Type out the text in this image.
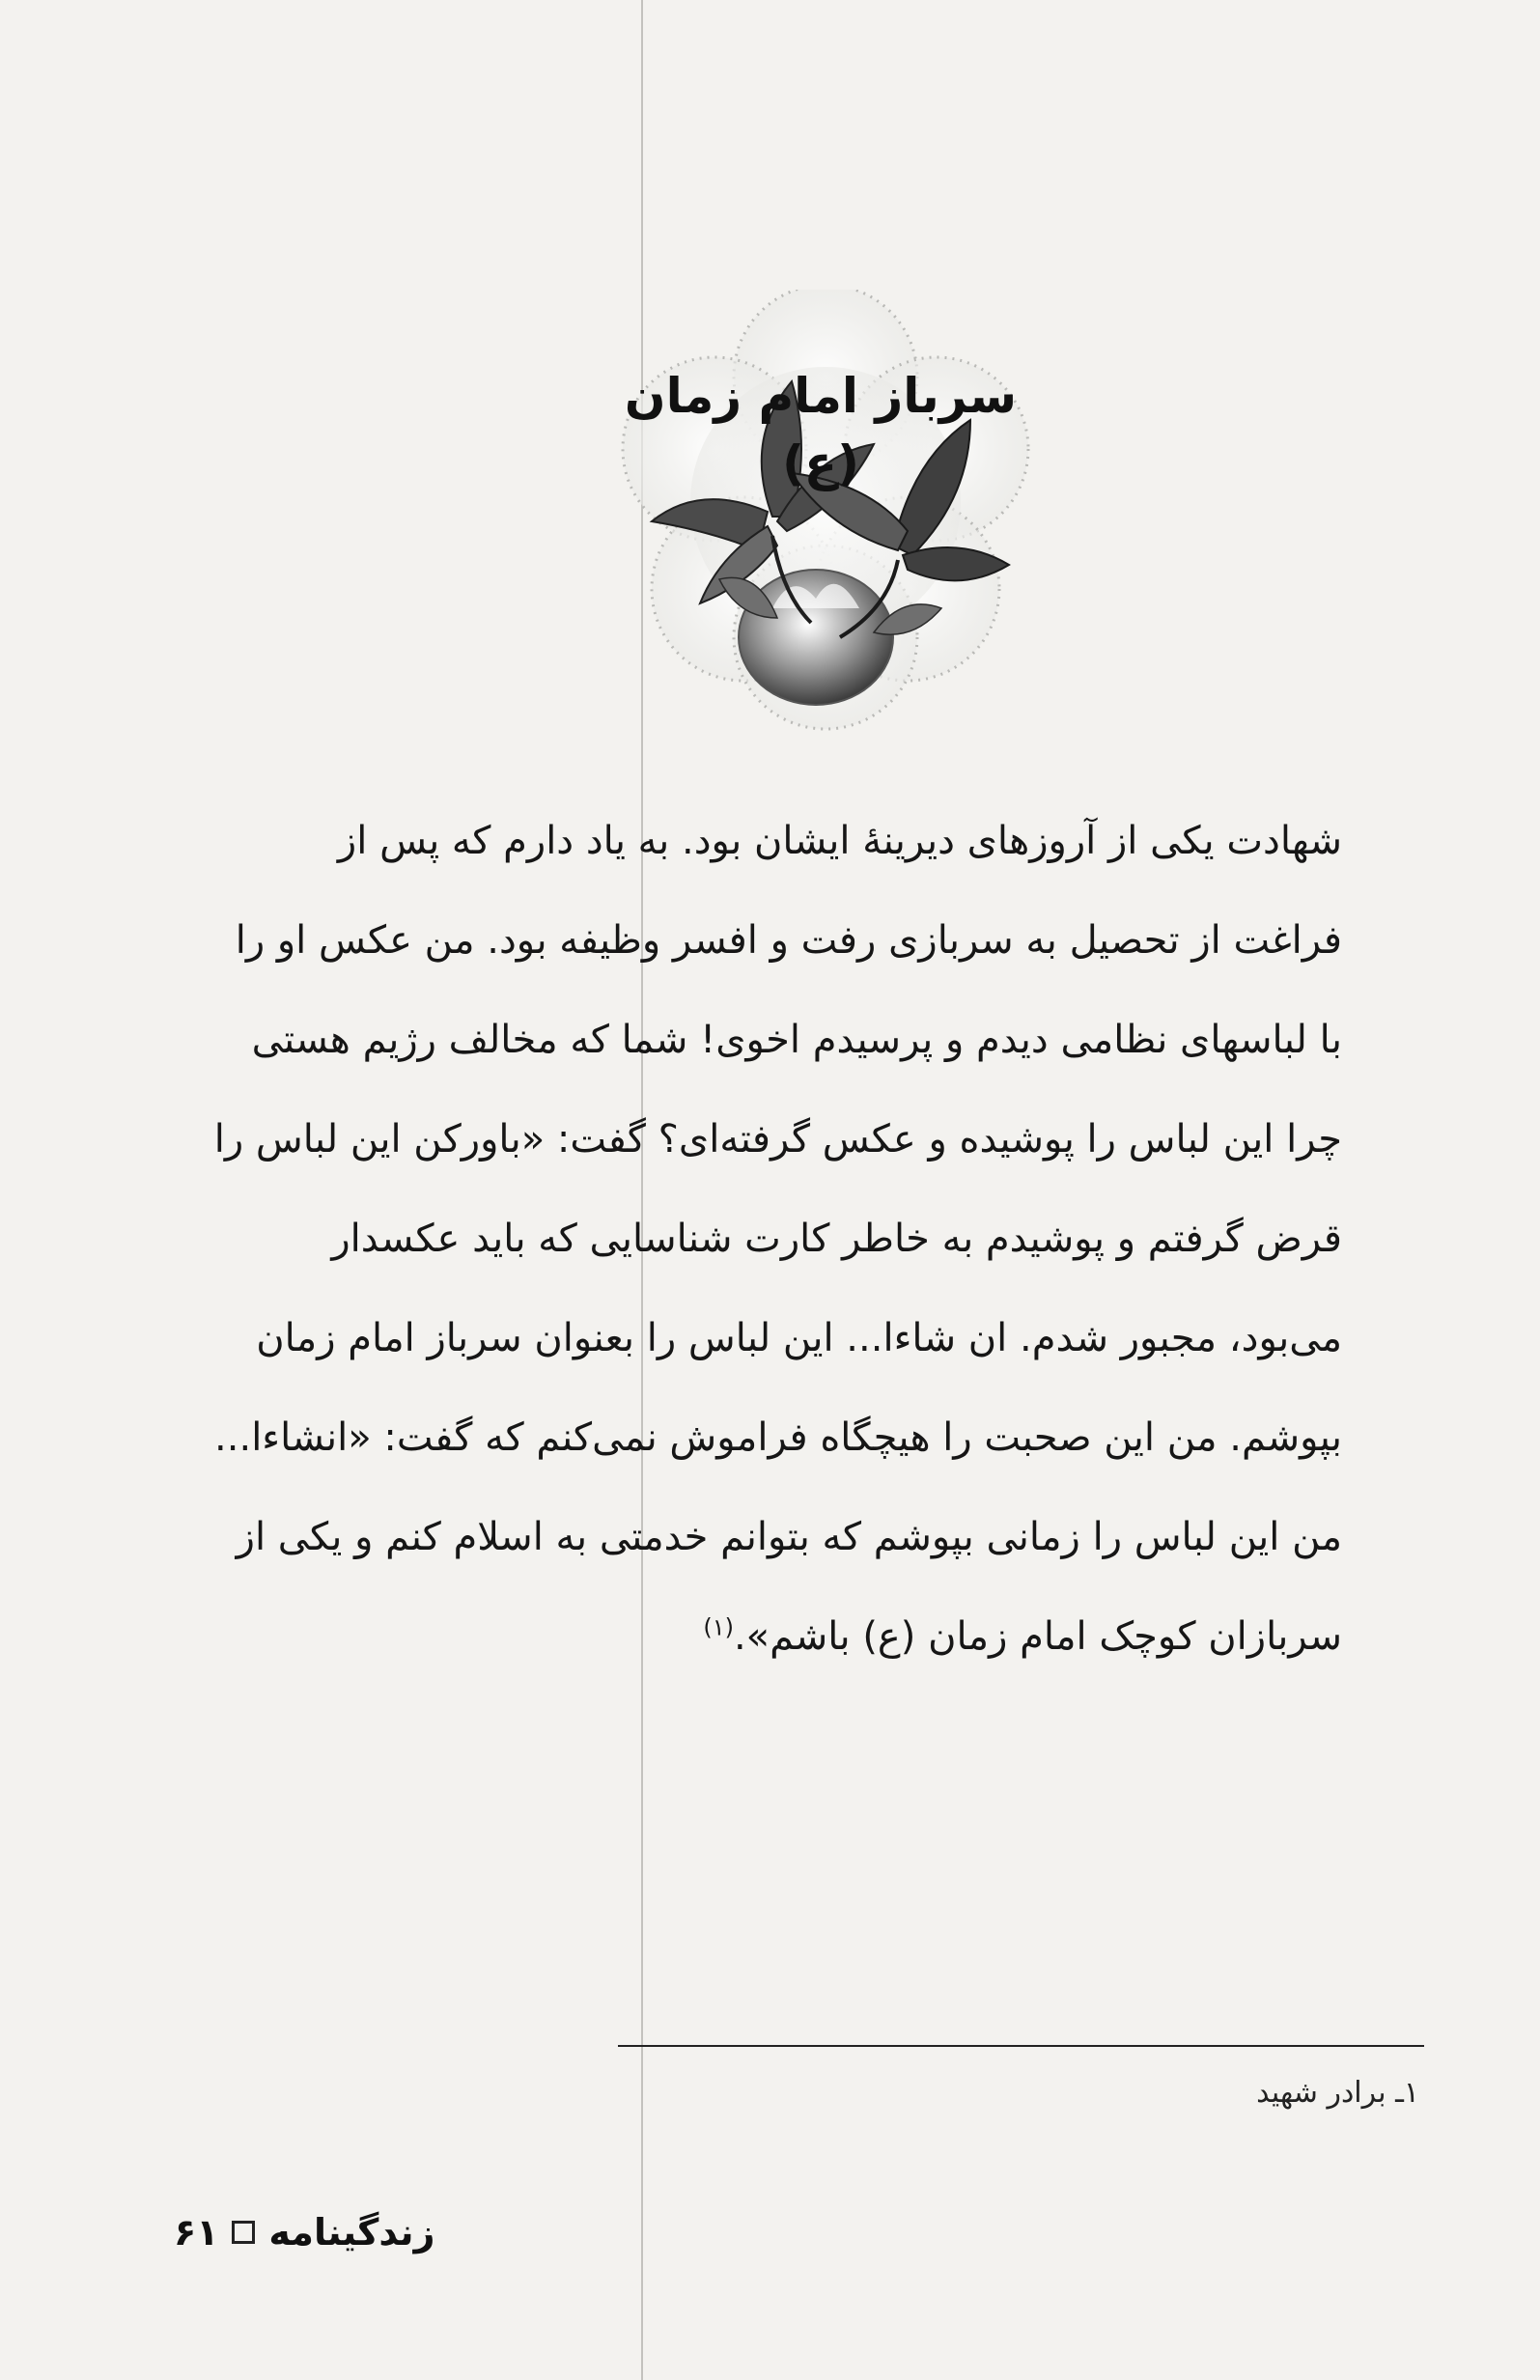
سرباز امام زمان (ع)
شهادت یکی از آروزهای دیرینهٔ ایشان بود. به یاد دارم که پس از
فراغت از تحصیل به سربازی رفت و افسر وظیفه بود. من عکس او را
با لباسهای نظامی دیدم و پرسیدم اخوی! شما که مخالف رژیم هستی
چرا این لباس را پوشیده و عکس گرفته‌ای؟ گفت: «باورکن این لباس را
قرض گرفتم و پوشیدم به خاطر کارت شناسایی که باید عکسدار
می‌بود، مجبور شدم. ان شاءا... این لباس را بعنوان سرباز امام زمان
بپوشم. من این صحبت را هیچگاه فراموش نمی‌کنم که گفت: «انشاءا...
من این لباس را زمانی بپوشم که بتوانم خدمتی به اسلام کنم و یکی از
سربازان کوچک امام زمان (ع) باشم».$^{(۱)}$
۱ـ برادر شهید
زندگینامه
۶۱
